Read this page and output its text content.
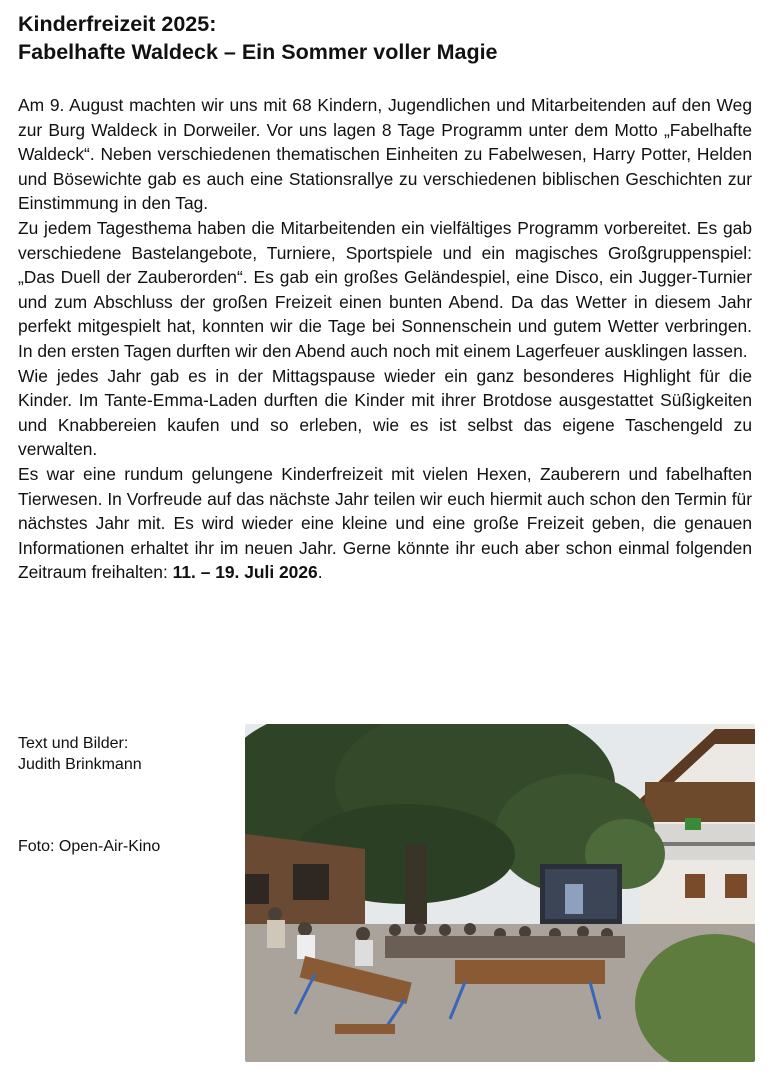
Kinderfreizeit 2025:
Fabelhafte Waldeck – Ein Sommer voller Magie

Am 9. August machten wir uns mit 68 Kindern, Jugendlichen und Mitarbeitenden auf den Weg zur Burg Waldeck in Dorweiler. Vor uns lagen 8 Tage Programm unter dem Motto „Fabelhafte Waldeck“. Neben verschiedenen thematischen Einheiten zu Fabelwesen, Harry Potter, Helden und Bösewichte gab es auch eine Stationsrallye zu verschiedenen biblischen Geschichten zur Einstimmung in den Tag.

Zu jedem Tagesthema haben die Mitarbeitenden ein vielfältiges Programm vorbereitet. Es gab verschiedene Bastelangebote, Turniere, Sportspiele und ein magisches Großgruppenspiel: „Das Duell der Zauberorden“. Es gab ein großes Geländespiel, eine Disco, ein Jugger-Turnier und zum Abschluss der großen Freizeit einen bunten Abend. Da das Wetter in diesem Jahr perfekt mitgespielt hat, konnten wir die Tage bei Sonnenschein und gutem Wetter verbringen. In den ersten Tagen durften wir den Abend auch noch mit einem Lagerfeuer ausklingen lassen.

Wie jedes Jahr gab es in der Mittagspause wieder ein ganz besonderes Highlight für die Kinder. Im Tante-Emma-Laden durften die Kinder mit ihrer Brotdose ausgestattet Süßigkeiten und Knabbereien kaufen und so erleben, wie es ist selbst das eigene Taschengeld zu verwalten.

Es war eine rundum gelungene Kinderfreizeit mit vielen Hexen, Zauberern und fabelhaften Tierwesen. In Vorfreude auf das nächste Jahr teilen wir euch hiermit auch schon den Termin für nächstes Jahr mit. Es wird wieder eine kleine und eine große Freizeit geben, die genauen Informationen erhaltet ihr im neuen Jahr. Gerne könnte ihr euch aber schon einmal folgenden Zeitraum freihalten: 11. – 19. Juli 2026.

Text und Bilder:
Judith Brinkmann
Foto: Open-Air-Kino
